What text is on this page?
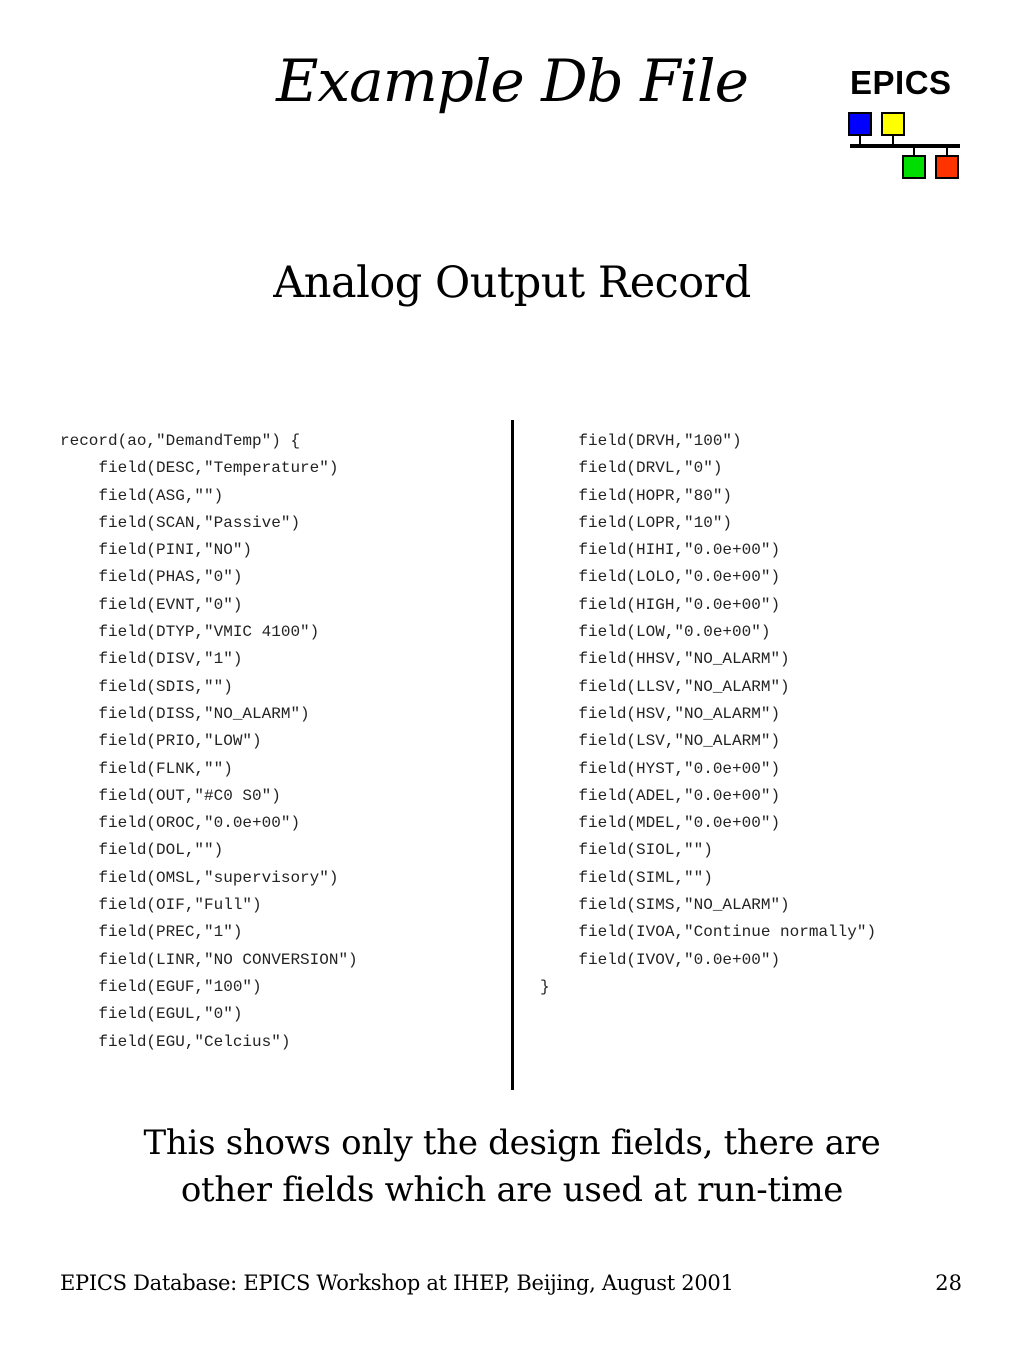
Example Db File	EPICS
Analog Output Record
record(ao,"DemandTemp") {
field(DESC,"Temperature")
field(ASG,"")
field(SCAN,"Passive")
field(PINI,"NO")
field(PHAS,"0")
field(EVNT,"0")
field(DTYP,"VMIC 4100")
field(DISV,"1")
field(SDIS,"")
field(DISS,"NO_ALARM")
field(PRIO,"LOW")
field(FLNK,"")
field(OUT,"#C0 S0")
field(OROC,"0.0e+00")
field(DOL,"")
field(OMSL,"supervisory")
field(OIF,"Full")
field(PREC,"1")
field(LINR,"NO CONVERSION")
field(EGUF,"100")
field(EGUL,"0")
field(EGU,"Celcius")
field(DRVH,"100")
field(DRVL,"0")
field(HOPR,"80")
field(LOPR,"10")
field(HIHI,"0.0e+00")
field(LOLO,"0.0e+00")
field(HIGH,"0.0e+00")
field(LOW,"0.0e+00")
field(HHSV,"NO_ALARM")
field(LLSV,"NO_ALARM")
field(HSV,"NO_ALARM")
field(LSV,"NO_ALARM")
field(HYST,"0.0e+00")
field(ADEL,"0.0e+00")
field(MDEL,"0.0e+00")
field(SIOL,"")
field(SIML,"")
field(SIMS,"NO_ALARM")
field(IVOA,"Continue normally")
field(IVOV,"0.0e+00")
}
This shows only the design fields, there are
other fields which are used at run-time
EPICS Database: EPICS Workshop at IHEP, Beijing, August 2001	28
